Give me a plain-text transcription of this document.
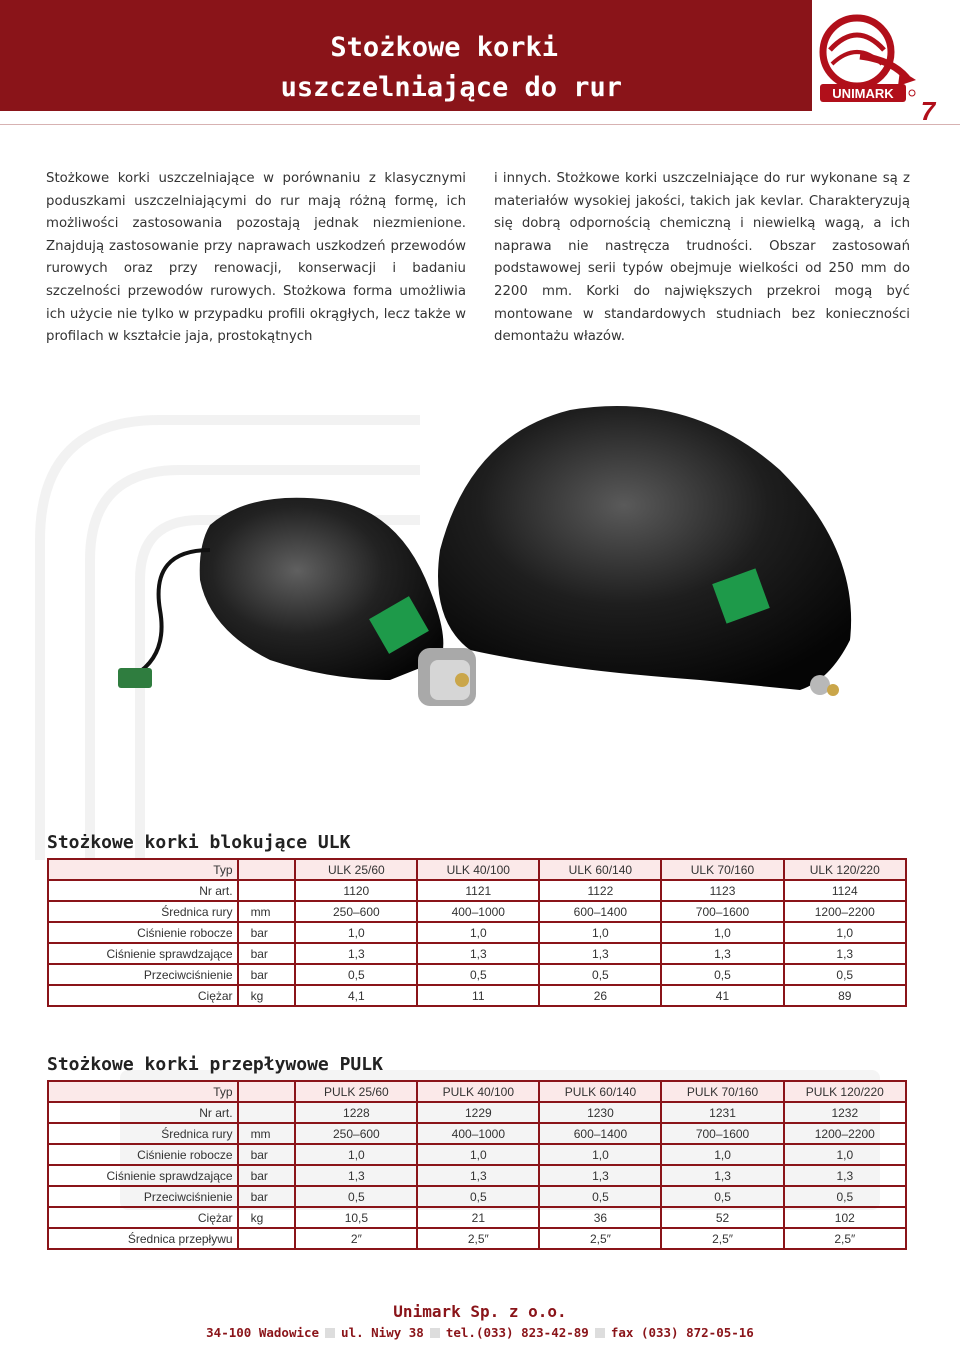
Stożkowe korki
uszczelniające do rur	UNIMARK
7
Stożkowe korki uszczelniające w porównaniu z klasycznymi poduszkami uszczelniającymi do rur mają różną formę, ich możliwości zastosowania pozostają jednak niezmienione. Znajdują zastosowanie przy naprawach uszkodzeń przewodów rurowych oraz przy renowacji, konserwacji i badaniu szczelności przewodów rurowych. Stożkowa forma umożliwia ich użycie nie tylko w przypadku profili okrągłych, lecz także w profilach w kształcie jaja, prostokątnych
i innych. Stożkowe korki uszczelniające do rur wykonane są z materiałów wysokiej jakości, takich jak kevlar. Charakteryzują się dobrą odpornością chemiczną i niewielką wagą, a ich naprawa nie nastręcza trudności. Obszar zastosowań podstawowej serii typów obejmuje wielkości od 250 mm do 2200 mm. Korki do największych przekroi mogą być montowane w standardowych studniach bez konieczności demontażu włazów.
Stożkowe korki blokujące ULK
Typ		ULK 25/60	ULK 40/100	ULK 60/140	ULK 70/160	ULK 120/220
Nr art.		1120	1121	1122	1123	1124
Średnica rury	mm	250–600	400–1000	600–1400	700–1600	1200–2200
Ciśnienie robocze	bar	1,0	1,0	1,0	1,0	1,0
Ciśnienie sprawdzające	bar	1,3	1,3	1,3	1,3	1,3
Przeciwciśnienie	bar	0,5	0,5	0,5	0,5	0,5
Ciężar	kg	4,1	11	26	41	89
Stożkowe korki przepływowe PULK
Typ		PULK 25/60	PULK 40/100	PULK 60/140	PULK 70/160	PULK 120/220
Nr art.		1228	1229	1230	1231	1232
Średnica rury	mm	250–600	400–1000	600–1400	700–1600	1200–2200
Ciśnienie robocze	bar	1,0	1,0	1,0	1,0	1,0
Ciśnienie sprawdzające	bar	1,3	1,3	1,3	1,3	1,3
Przeciwciśnienie	bar	0,5	0,5	0,5	0,5	0,5
Ciężar	kg	10,5	21	36	52	102
Średnica przepływu		2″	2,5″	2,5″	2,5″	2,5″
Unimark Sp. z o.o.
34-100 Wadowice ul. Niwy 38 tel.(033) 823-42-89 fax (033) 872-05-16
